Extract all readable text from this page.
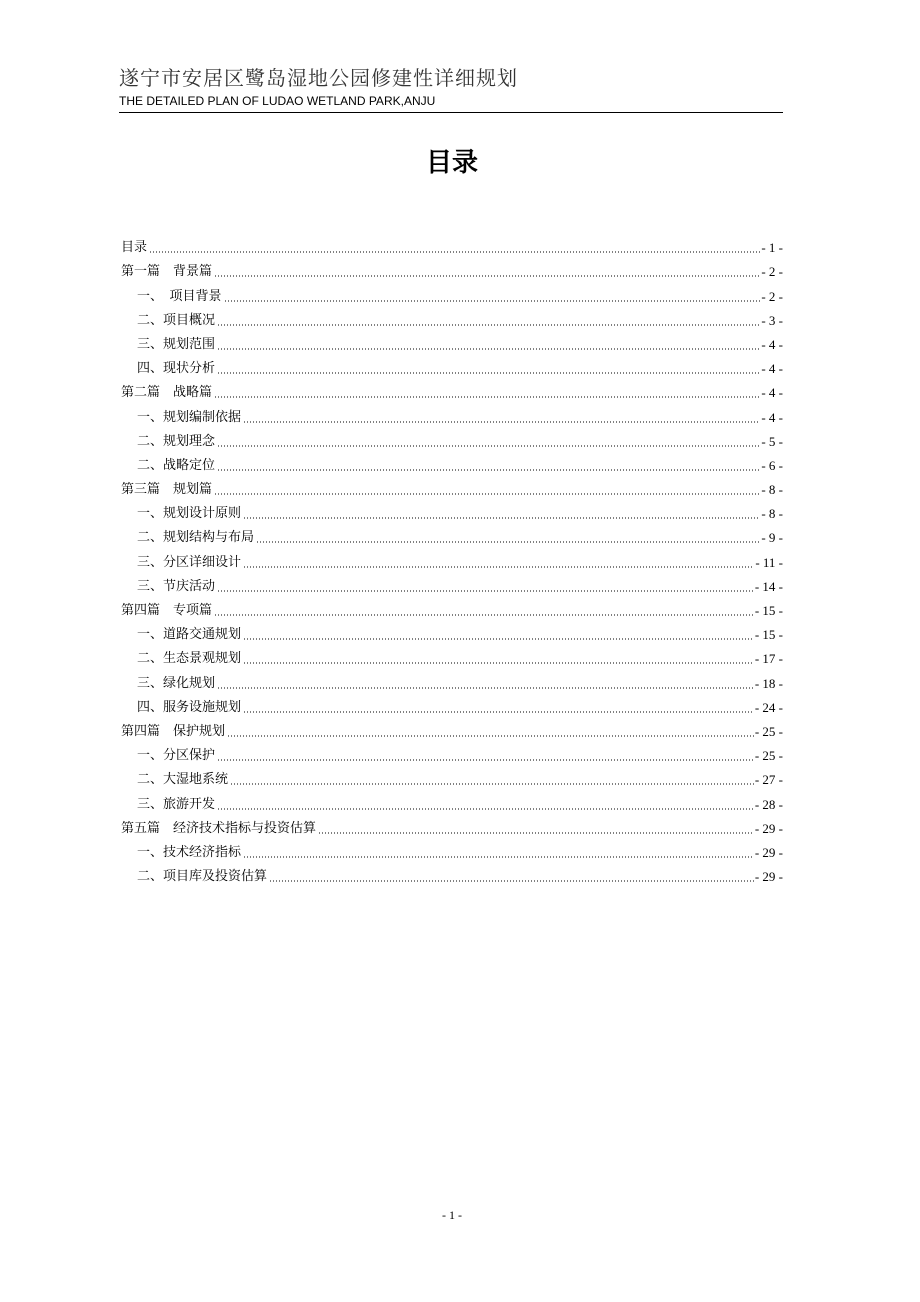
遂宁市安居区鹭岛湿地公园修建性详细规划
THE DETAILED PLAN OF LUDAO WETLAND PARK,ANJU
目录
目录	- 1 -
第一篇　背景篇	- 2 -
一、　项目背景	- 2 -
二、项目概况	- 3 -
三、规划范围	- 4 -
四、现状分析	- 4 -
第二篇　战略篇	- 4 -
一、规划编制依据	- 4 -
二、规划理念	- 5 -
二、战略定位	- 6 -
第三篇　规划篇	- 8 -
一、规划设计原则	- 8 -
二、规划结构与布局	- 9 -
三、分区详细设计	- 11 -
三、节庆活动	- 14 -
第四篇　专项篇	- 15 -
一、道路交通规划	- 15 -
二、生态景观规划	- 17 -
三、绿化规划	- 18 -
四、服务设施规划	- 24 -
第四篇　保护规划	- 25 -
一、分区保护	- 25 -
二、大湿地系统	- 27 -
三、旅游开发	- 28 -
第五篇　经济技术指标与投资估算	- 29 -
一、技术经济指标	- 29 -
二、项目库及投资估算	- 29 -
- 1 -
